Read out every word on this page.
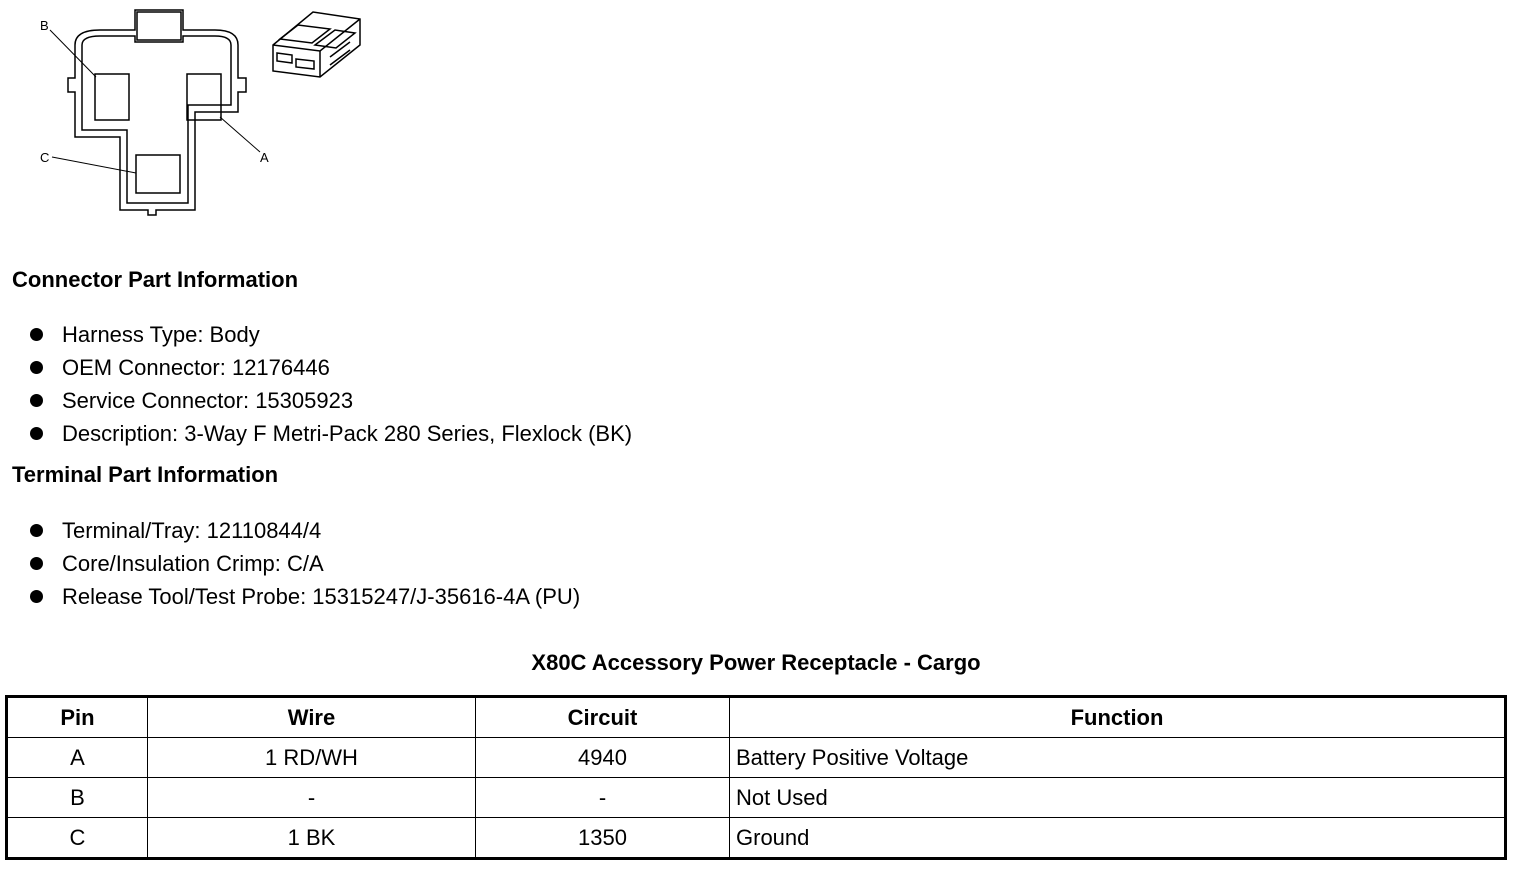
B
A
C
Connector Part Information
Harness Type: Body
OEM Connector: 12176446
Service Connector: 15305923
Description: 3-Way F Metri-Pack 280 Series, Flexlock (BK)
Terminal Part Information
Terminal/Tray: 12110844/4
Core/Insulation Crimp: C/A
Release Tool/Test Probe: 15315247/J-35616-4A (PU)
X80C Accessory Power Receptacle - Cargo
Pin	Wire	Circuit	Function
A	1 RD/WH	4940	Battery Positive Voltage
B	-	-	Not Used
C	1 BK	1350	Ground
